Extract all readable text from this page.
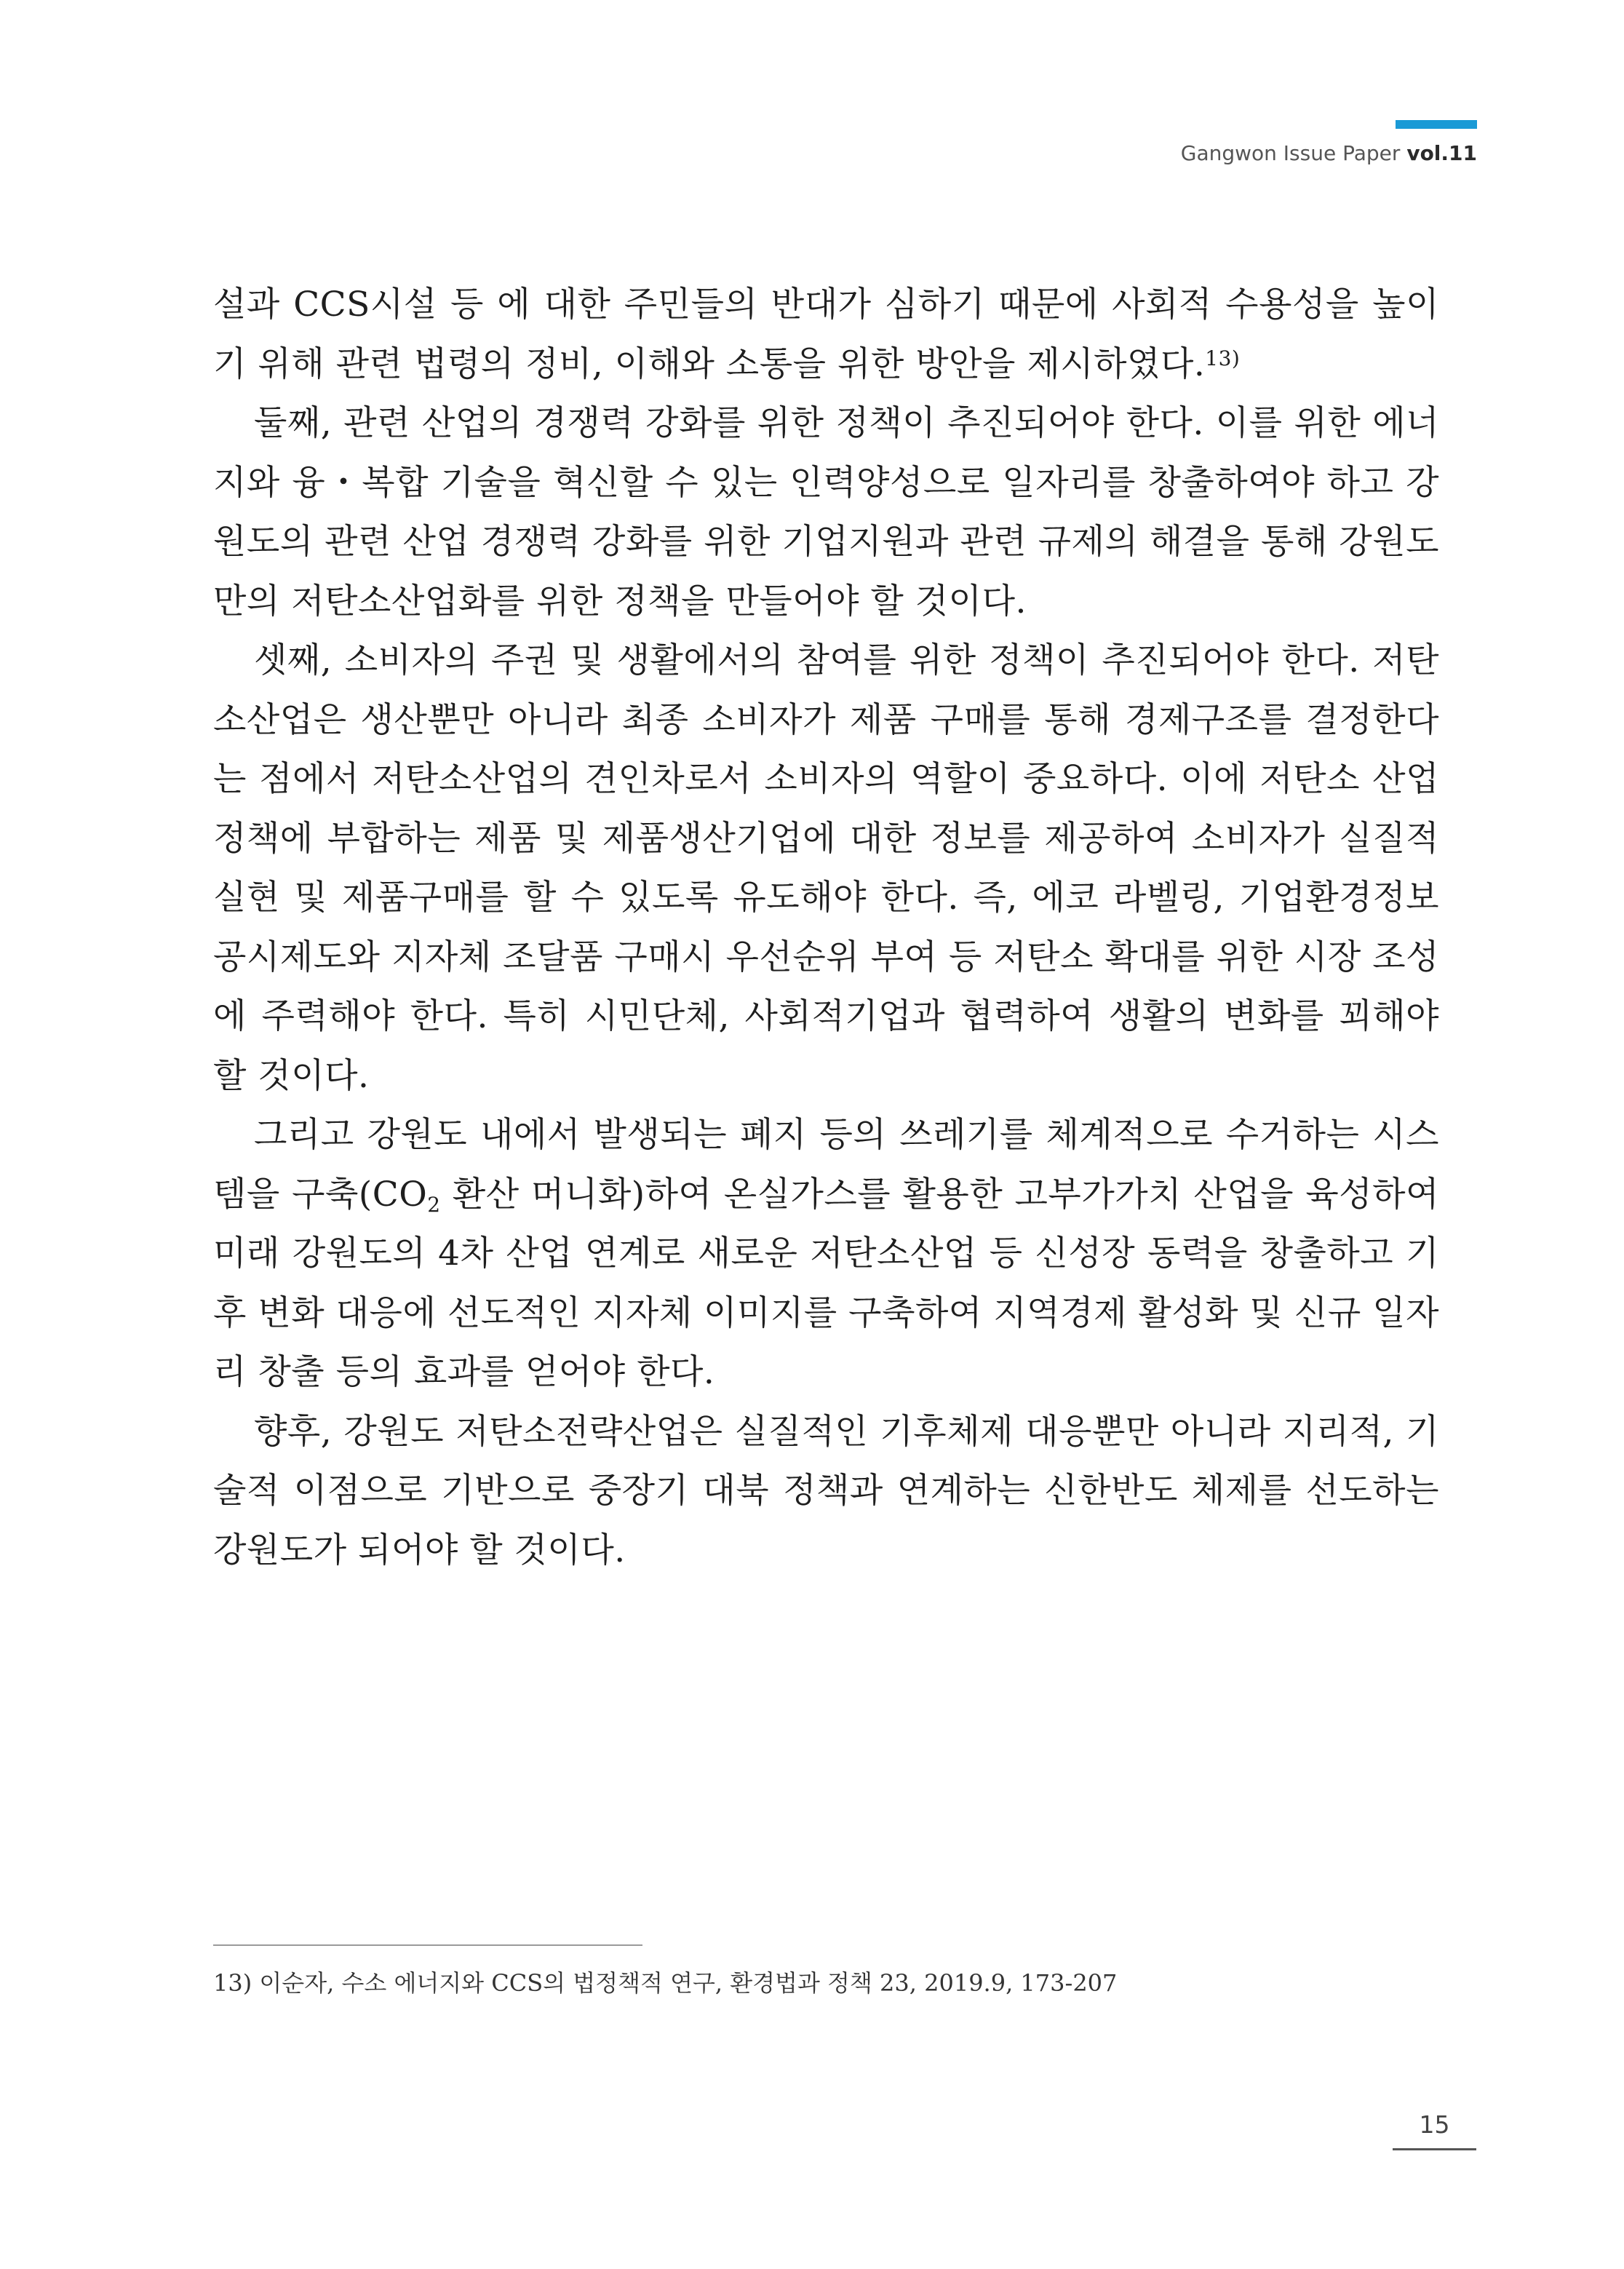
Gangwon Issue Paper vol.11

설과 CCS시설 등 에 대한 주민들의 반대가 심하기 때문에 사회적 수용성을 높이기 위해 관련 법령의 정비, 이해와 소통을 위한 방안을 제시하였다.$^{13)}$

둘째, 관련 산업의 경쟁력 강화를 위한 정책이 추진되어야 한다. 이를 위한 에너지와 융・복합 기술을 혁신할 수 있는 인력양성으로 일자리를 창출하여야 하고 강원도의 관련 산업 경쟁력 강화를 위한 기업지원과 관련 규제의 해결을 통해 강원도만의 저탄소산업화를 위한 정책을 만들어야 할 것이다.

셋째, 소비자의 주권 및 생활에서의 참여를 위한 정책이 추진되어야 한다. 저탄소산업은 생산뿐만 아니라 최종 소비자가 제품 구매를 통해 경제구조를 결정한다는 점에서 저탄소산업의 견인차로서 소비자의 역할이 중요하다. 이에 저탄소 산업정책에 부합하는 제품 및 제품생산기업에 대한 정보를 제공하여 소비자가 실질적 실현 및 제품구매를 할 수 있도록 유도해야 한다. 즉, 에코 라벨링, 기업환경정보공시제도와 지자체 조달품 구매시 우선순위 부여 등 저탄소 확대를 위한 시장 조성에 주력해야 한다. 특히 시민단체, 사회적기업과 협력하여 생활의 변화를 꾀해야 할 것이다.

그리고 강원도 내에서 발생되는 폐지 등의 쓰레기를 체계적으로 수거하는 시스템을 구축($CO_2$ 환산 머니화)하여 온실가스를 활용한 고부가가치 산업을 육성하여 미래 강원도의 4차 산업 연계로 새로운 저탄소산업 등 신성장 동력을 창출하고 기후 변화 대응에 선도적인 지자체 이미지를 구축하여 지역경제 활성화 및 신규 일자리 창출 등의 효과를 얻어야 한다.

향후, 강원도 저탄소전략산업은 실질적인 기후체제 대응뿐만 아니라 지리적, 기술적 이점으로 기반으로 중장기 대북 정책과 연계하는 신한반도 체제를 선도하는 강원도가 되어야 할 것이다.

13) 이순자, 수소 에너지와 CCS의 법정책적 연구, 환경법과 정책 23, 2019.9, 173-207
15
